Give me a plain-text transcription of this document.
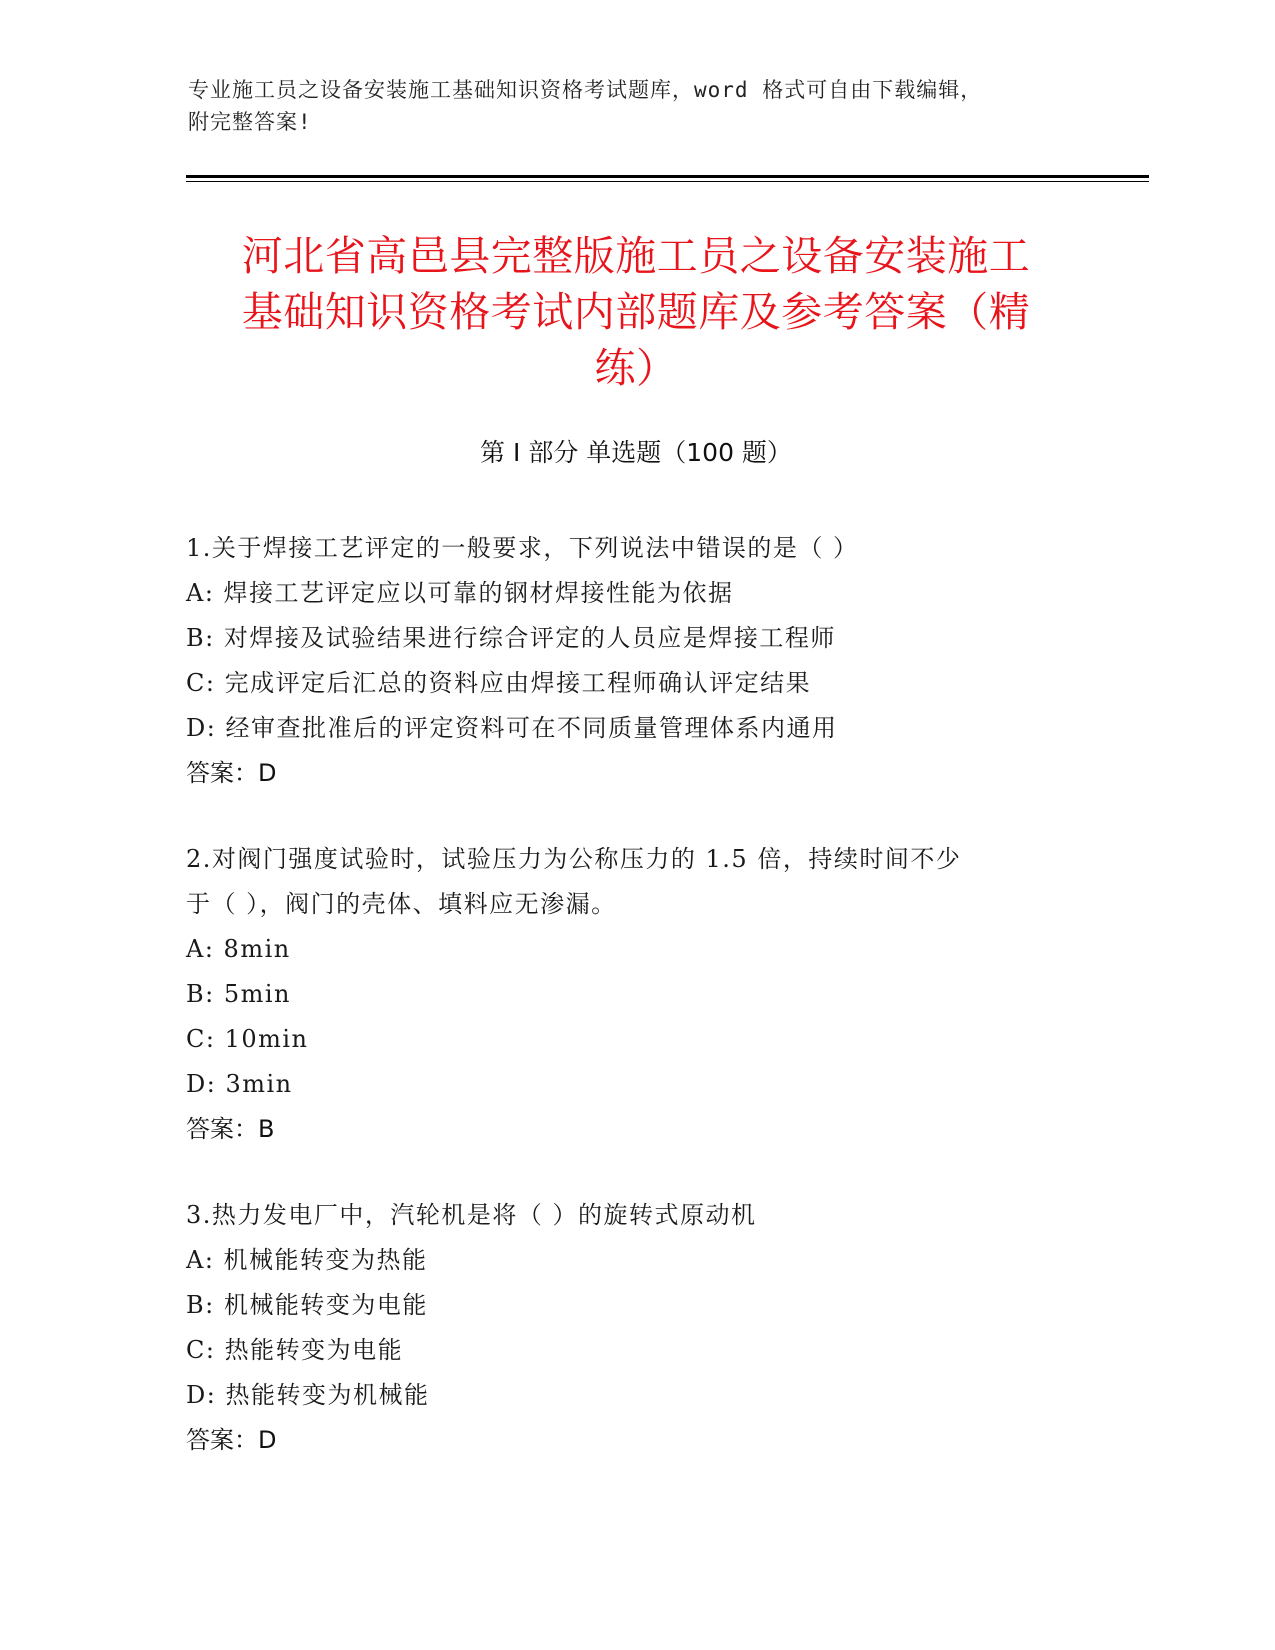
专业施工员之设备安装施工基础知识资格考试题库，word 格式可自由下载编辑，
附完整答案!
河北省高邑县完整版施工员之设备安装施工
基础知识资格考试内部题库及参考答案（精
练）
第 I 部分 单选题（100 题）
1.关于焊接工艺评定的一般要求，下列说法中错误的是（ ）
A: 焊接工艺评定应以可靠的钢材焊接性能为依据
B: 对焊接及试验结果进行综合评定的人员应是焊接工程师
C: 完成评定后汇总的资料应由焊接工程师确认评定结果
D: 经审查批准后的评定资料可在不同质量管理体系内通用
答案：D
2.对阀门强度试验时，试验压力为公称压力的 1.5 倍，持续时间不少
于（ ），阀门的壳体、填料应无渗漏。
A: 8min
B: 5min
C: 10min
D: 3min
答案：B
3.热力发电厂中，汽轮机是将（ ）的旋转式原动机
A: 机械能转变为热能
B: 机械能转变为电能
C: 热能转变为电能
D: 热能转变为机械能
答案：D
